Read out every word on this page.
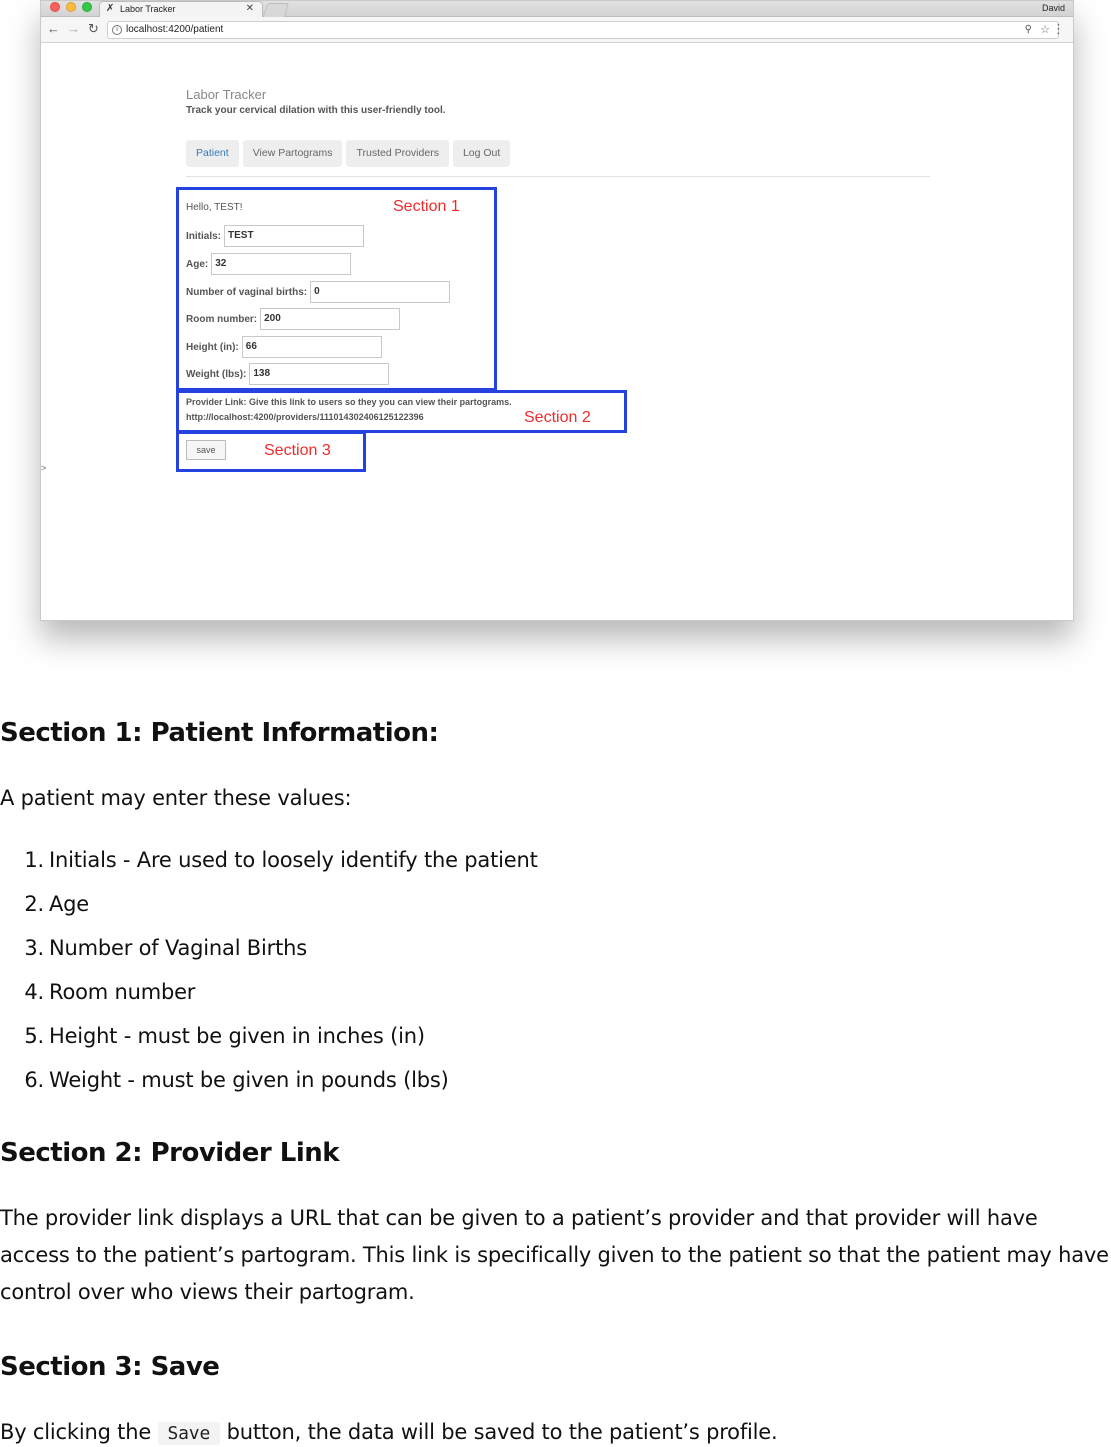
✗ Labor Tracker	✕	David
← → ↻	i localhost:4200/patient	⚲ ☆ ⋮
Labor Tracker
Track your cervical dilation with this user-friendly tool.
Patient	View Partograms	Trusted Providers	Log Out
Hello, TEST!
Initials: TEST
Age: 32
Number of vaginal births: 0
Room number: 200
Height (in): 66
Weight (lbs): 138
Provider Link: Give this link to users so they you can view their partograms.
http://localhost:4200/providers/111014302406125122396
save
>
Section 1
Section 2
Section 3
Section 1: Patient Information:
A patient may enter these values:
1. Initials - Are used to loosely identify the patient
2. Age
3. Number of Vaginal Births
4. Room number
5. Height - must be given in inches (in)
6. Weight - must be given in pounds (lbs)
Section 2: Provider Link
The provider link displays a URL that can be given to a patient’s provider and that provider will have access to the patient’s partogram. This link is specifically given to the patient so that the patient may have control over who views their partogram.
Section 3: Save
By clicking the Save button, the data will be saved to the patient’s profile.
